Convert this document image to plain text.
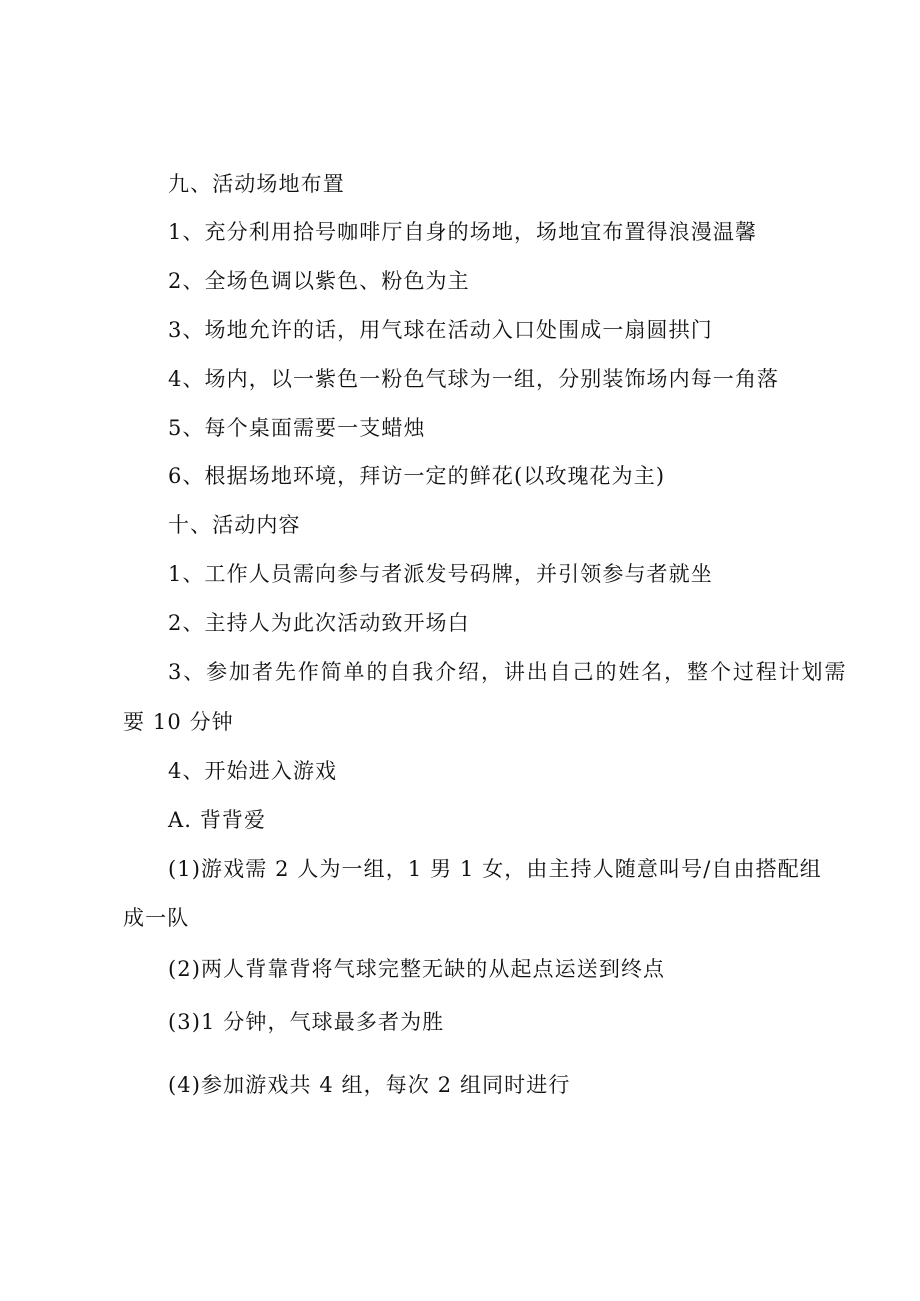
九、活动场地布置
1、充分利用拾号咖啡厅自身的场地，场地宜布置得浪漫温馨
2、全场色调以紫色、粉色为主
3、场地允许的话，用气球在活动入口处围成一扇圆拱门
4、场内，以一紫色一粉色气球为一组，分别装饰场内每一角落
5、每个桌面需要一支蜡烛
6、根据场地环境，拜访一定的鲜花(以玫瑰花为主)
十、活动内容
1、工作人员需向参与者派发号码牌，并引领参与者就坐
2、主持人为此次活动致开场白
3、参加者先作简单的自我介绍，讲出自己的姓名，整个过程计划需
要 10 分钟
4、开始进入游戏
A. 背背爱
(1)游戏需 2 人为一组，1 男 1 女，由主持人随意叫号/自由搭配组
成一队
(2)两人背靠背将气球完整无缺的从起点运送到终点
(3)1 分钟，气球最多者为胜
(4)参加游戏共 4 组，每次 2 组同时进行
